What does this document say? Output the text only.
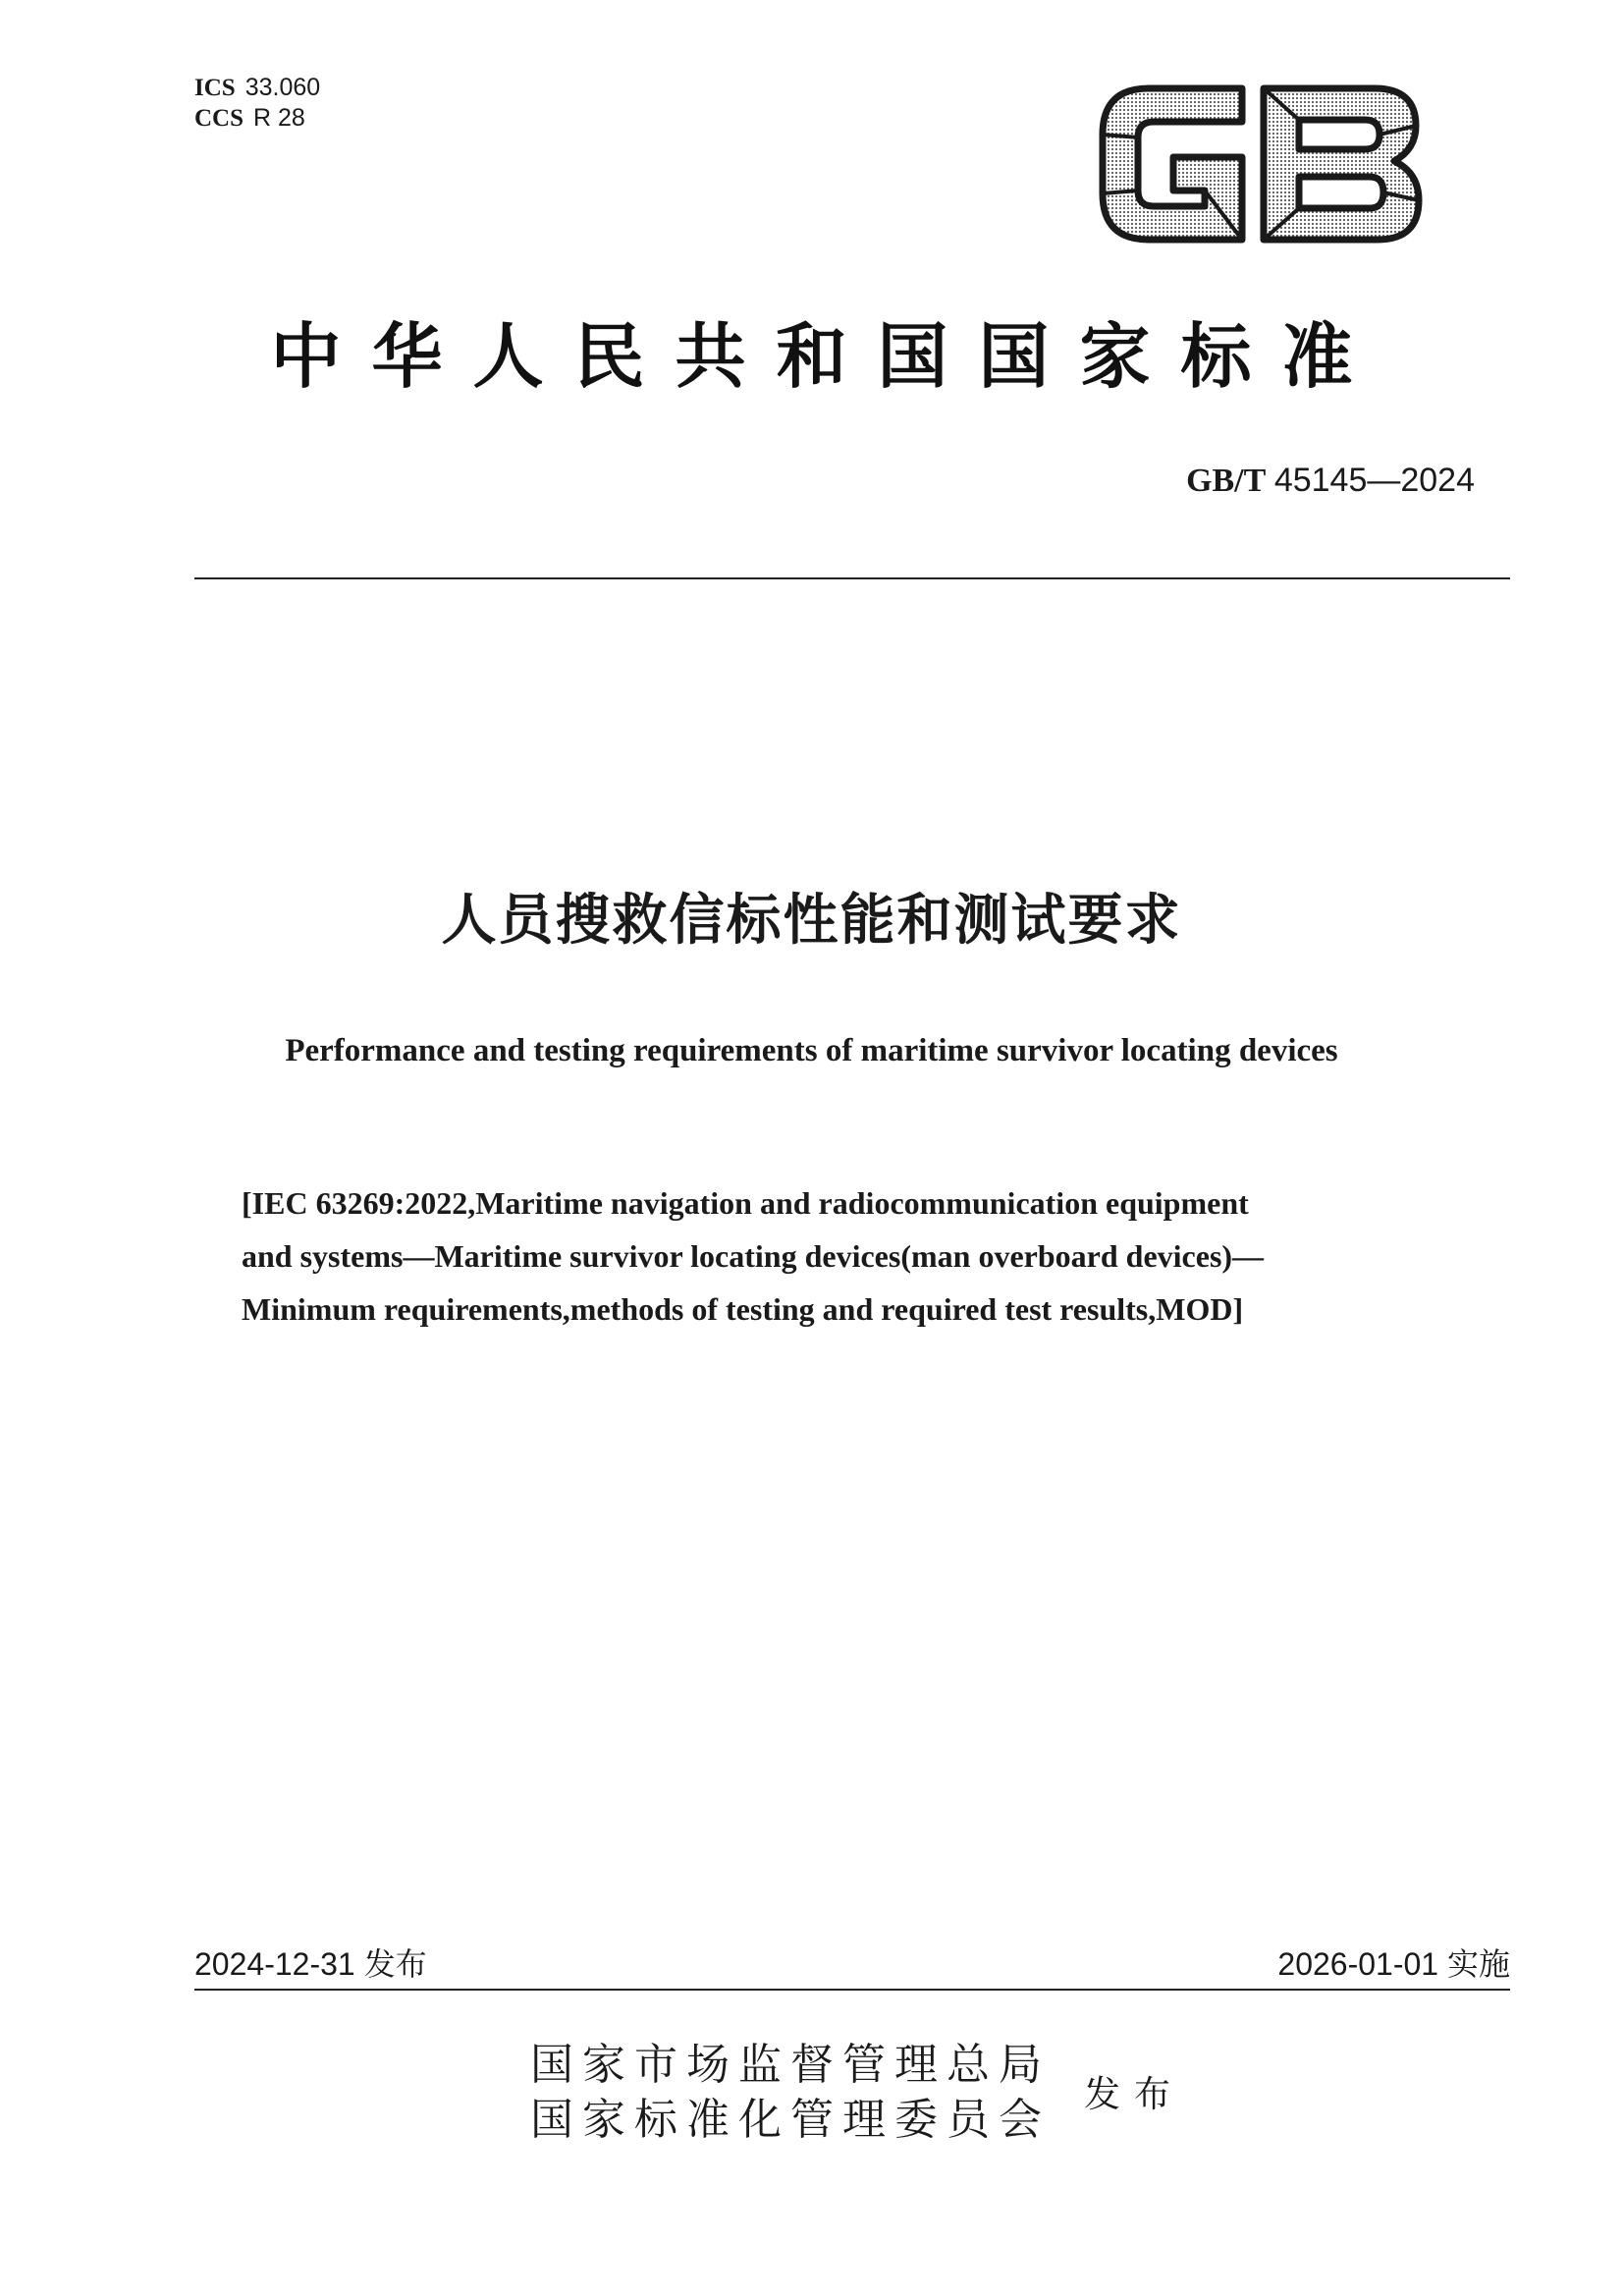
ICS 33.060
CCS R 28
中华人民共和国国家标准
GB/T 45145—2024
人员搜救信标性能和测试要求
Performance and testing requirements of maritime survivor locating devices
[IEC 63269:2022,Maritime navigation and radiocommunication equipment
and systems—Maritime survivor locating devices(man overboard devices)—
Minimum requirements,methods of testing and required test results,MOD]
2024-12-31 发布	2026-01-01 实施
国家市场监督管理总局
国家标准化管理委员会
发布
